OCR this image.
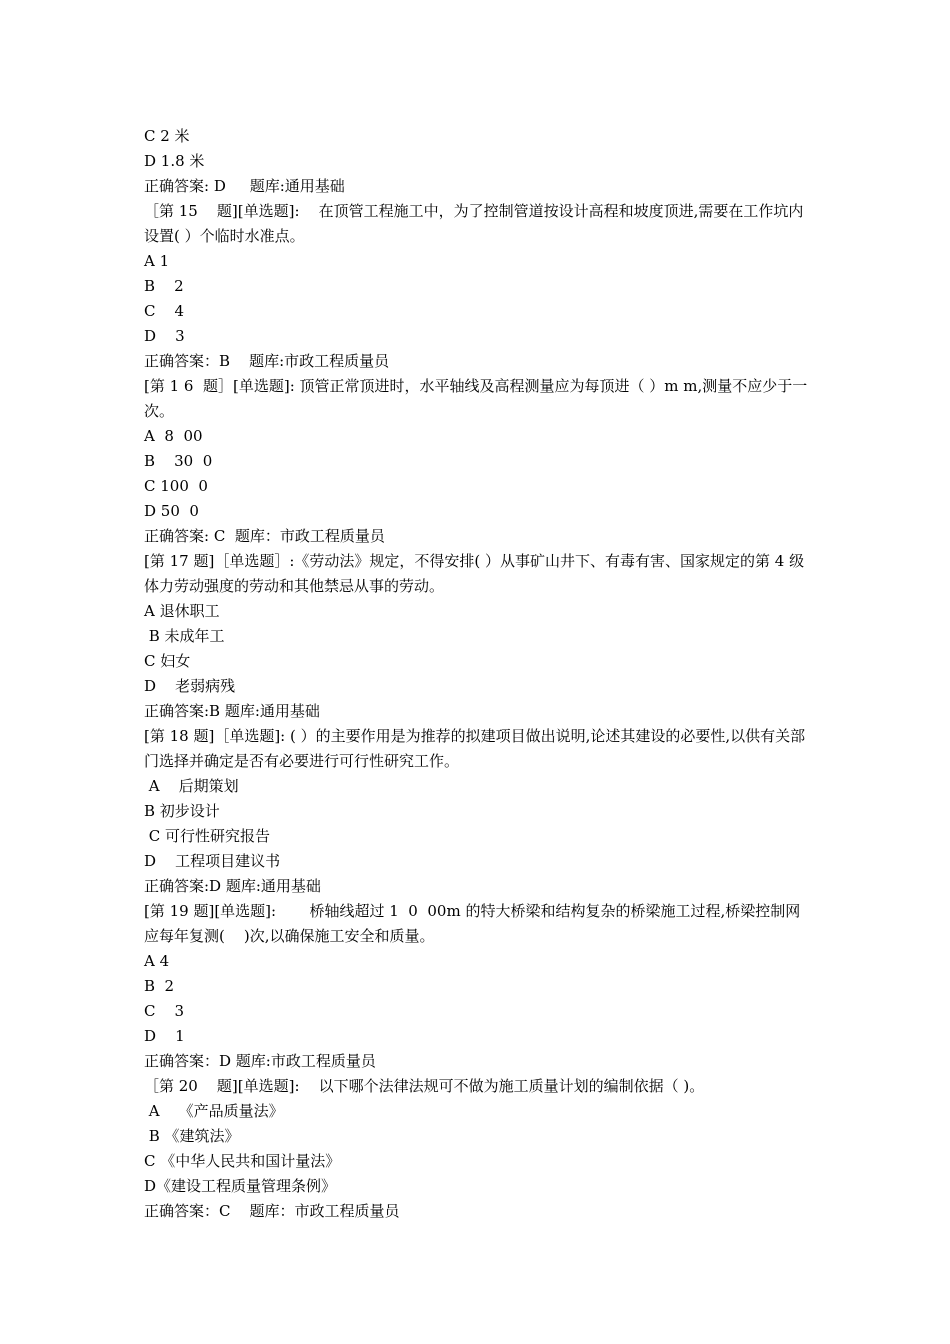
C 2 米
D 1.8 米
正确答案: D     题库:通用基础
［第 15    题][单选题]:    在顶管工程施工中，为了控制管道按设计高程和坡度顶进,需要在工作坑内设置( ）个临时水准点。
A 1
B    2
C    4
D    3
正确答案：B    题库:市政工程质量员
[第 1 6  题］[单选题]: 顶管正常顶进时，水平轴线及高程测量应为每顶进（ ）m m,测量不应少于一次。
A  8  00
B    30  0
C 100  0
D 50  0
正确答案: C  题库：市政工程质量员
[第 17 题]［单选题］:《劳动法》规定，不得安排( ）从事矿山井下、有毒有害、国家规定的第 4 级体力劳动强度的劳动和其他禁忌从事的劳动。
A 退休职工
B 未成年工
C 妇女
D    老弱病残
正确答案:B 题库:通用基础
[第 18 题]［单选题]: ( ）的主要作用是为推荐的拟建项目做出说明,论述其建设的必要性,以供有关部门选择并确定是否有必要进行可行性研究工作。
A    后期策划
B 初步设计
C 可行性研究报告
D    工程项目建议书
正确答案:D 题库:通用基础
[第 19 题][单选题]:       桥轴线超过 1  0  00m 的特大桥梁和结构复杂的桥梁施工过程,桥梁控制网应每年复测(    )次,以确保施工安全和质量。
A 4
B  2
C    3
D    1
正确答案：D 题库:市政工程质量员
［第 20    题][单选题]:    以下哪个法律法规可不做为施工质量计划的编制依据（ )。
A    《产品质量法》
B 《建筑法》
C 《中华人民共和国计量法》
D《建设工程质量管理条例》
正确答案：C    题库：市政工程质量员
